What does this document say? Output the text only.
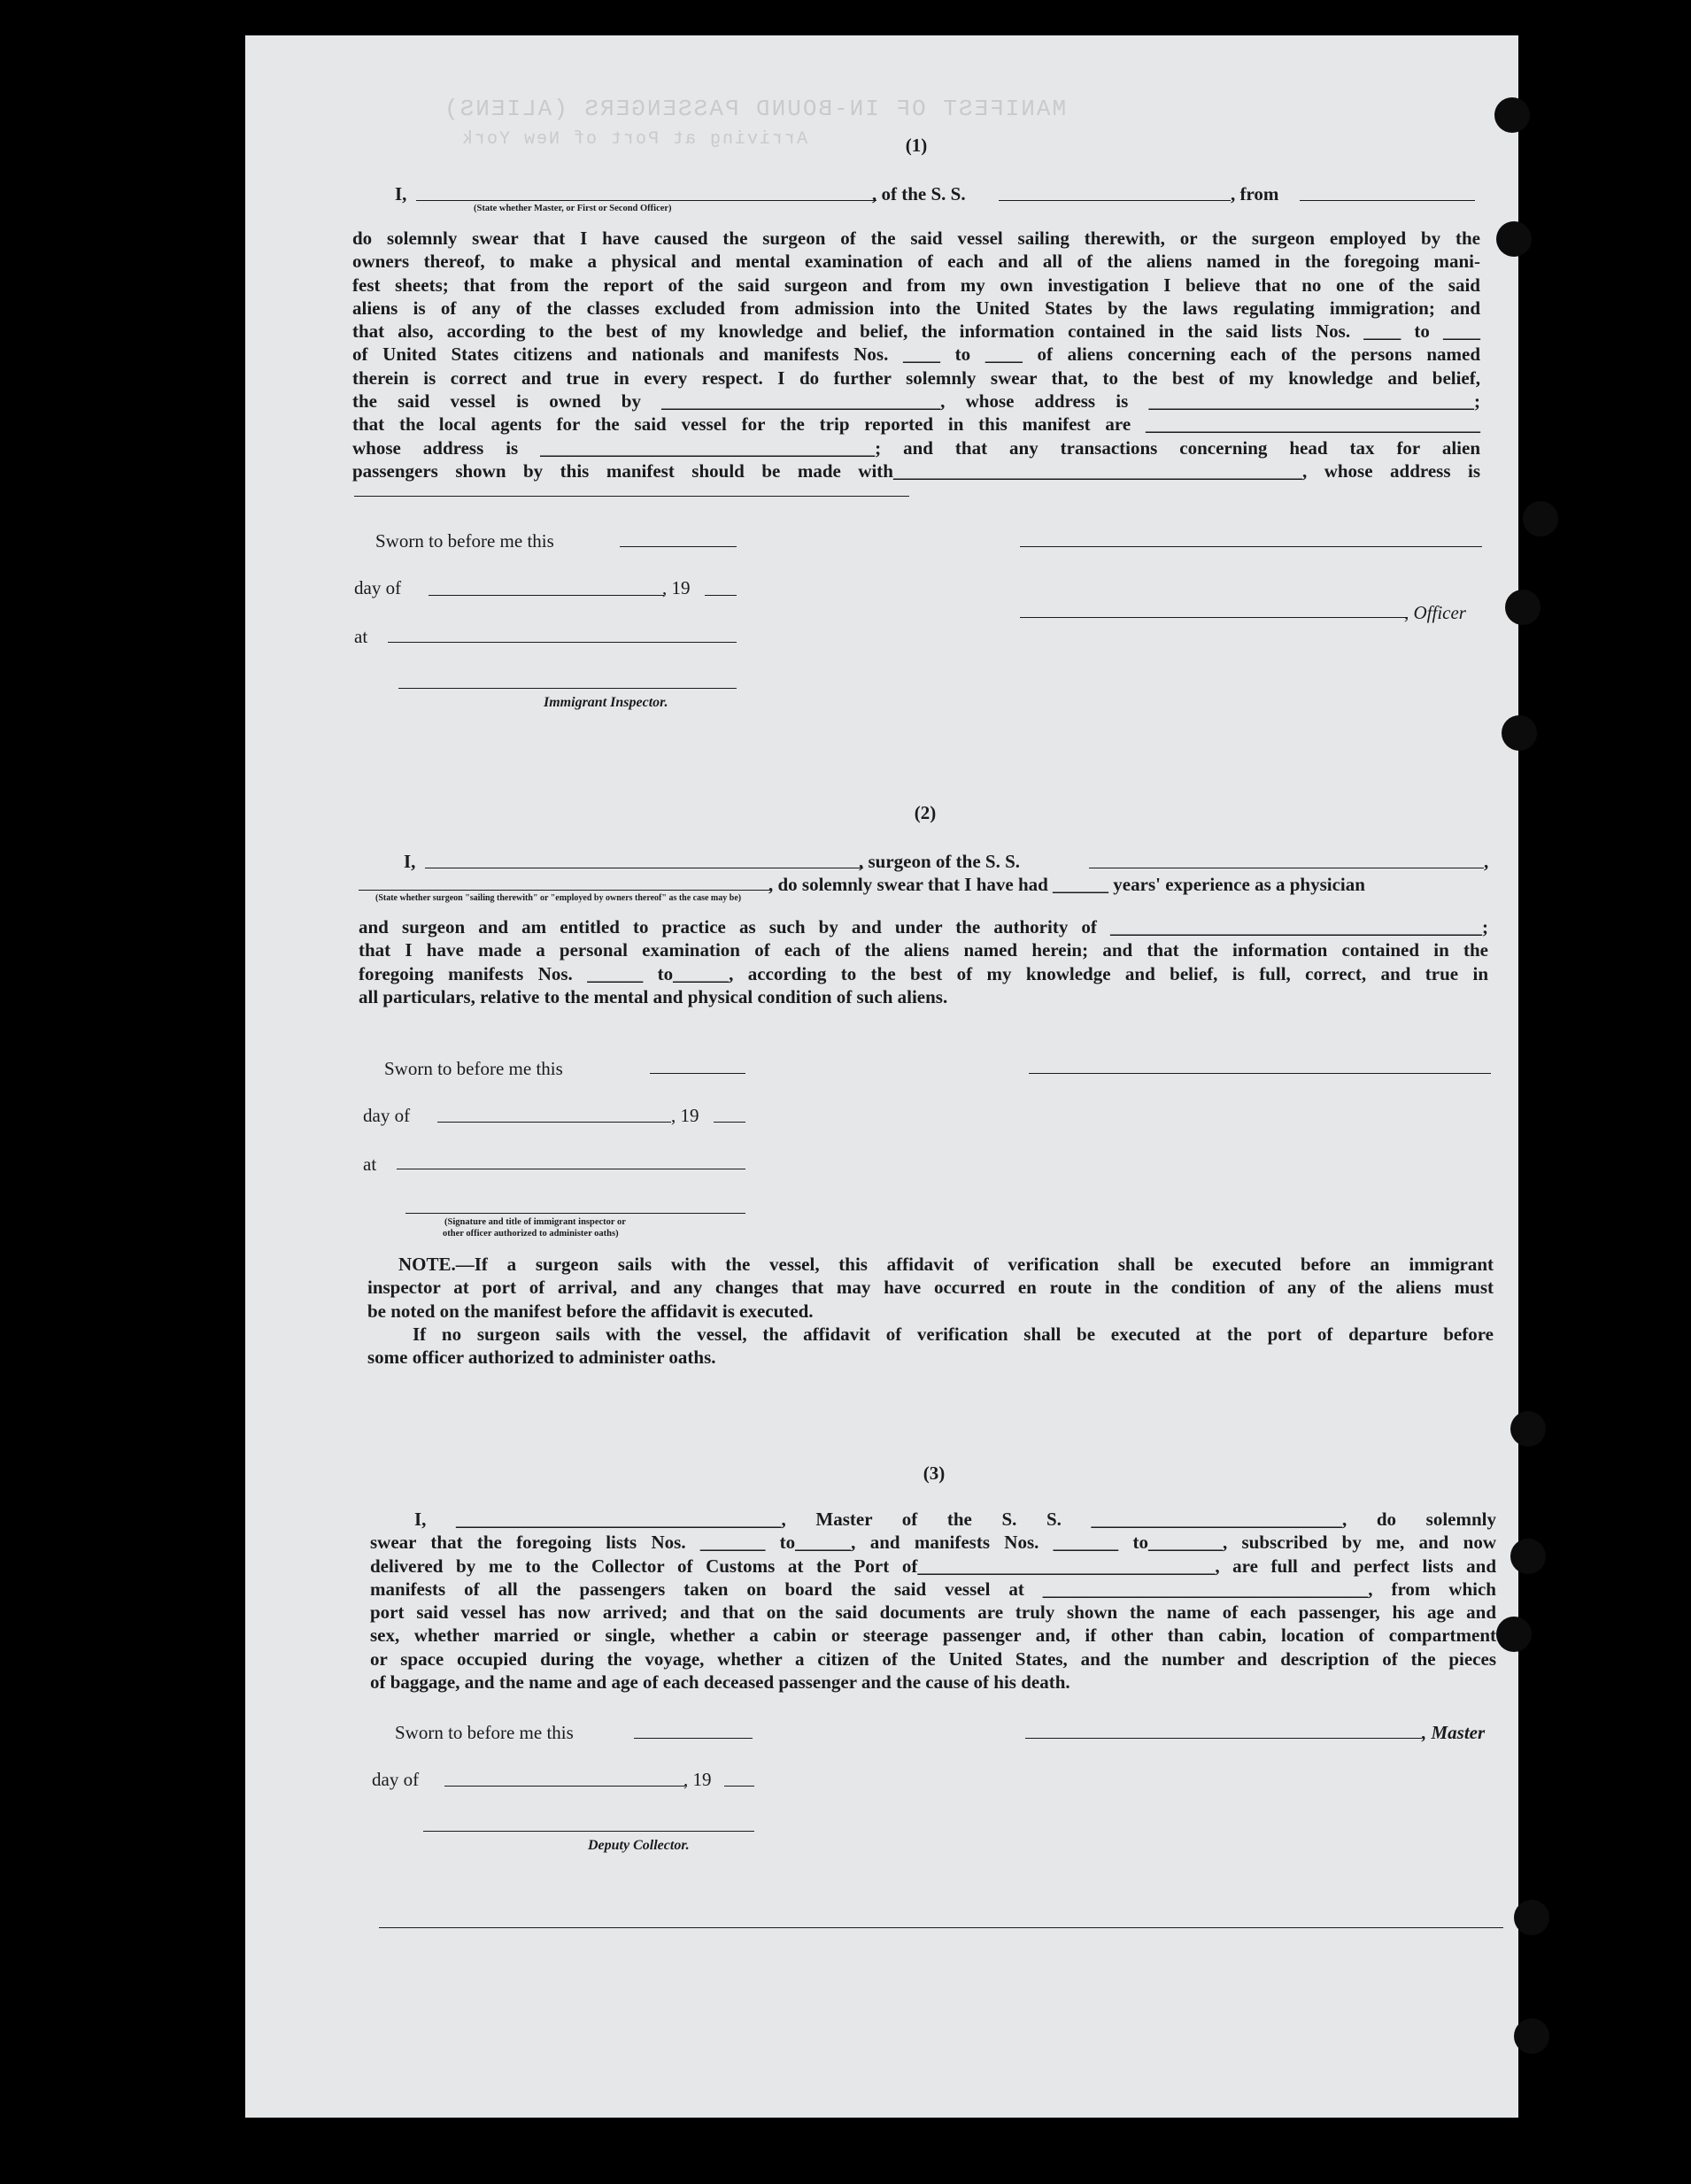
MANIFEST OF IN-BOUND PASSENGERS (ALIENS)
Arriving at Port of New York	(1)
I,	, of the S. S.	, from
(State whether Master, or First or Second Officer)
do solemnly swear that I have caused the surgeon of the said vessel sailing therewith, or the surgeon employed by the
owners thereof, to make a physical and mental examination of each and all of the aliens named in the foregoing mani-
fest sheets; that from the report of the said surgeon and from my own investigation I believe that no one of the said
aliens is of any of the classes excluded from admission into the United States by the laws regulating immigration; and
that also, according to the best of my knowledge and belief, the information contained in the said lists Nos. ____ to ____
of United States citizens and nationals and manifests Nos. ____ to ____ of aliens concerning each of the persons named
therein is correct and true in every respect. I do further solemnly swear that, to the best of my knowledge and belief,
the said vessel is owned by ______________________________, whose address is ___________________________________;
that the local agents for the said vessel for the trip reported in this manifest are ____________________________________
whose address is ____________________________________; and that any transactions concerning head tax for alien
passengers shown by this manifest should be made with____________________________________________, whose address is
Sworn to before me this
day of	, 19
, Officer
at
Immigrant Inspector.
(2)
I,	, surgeon of the S. S.	,
, do solemnly swear that I have had ______ years' experience as a physician
(State whether surgeon "sailing therewith" or "employed by owners thereof" as the case may be)
and surgeon and am entitled to practice as such by and under the authority of ________________________________________;
that I have made a personal examination of each of the aliens named herein; and that the information contained in the
foregoing manifests Nos. ______ to______, according to the best of my knowledge and belief, is full, correct, and true in
all particulars, relative to the mental and physical condition of such aliens.
Sworn to before me this
day of	, 19
at
(Signature and title of immigrant inspector or
other officer authorized to administer oaths)
NOTE.—If a surgeon sails with the vessel, this affidavit of verification shall be executed before an immigrant
inspector at port of arrival, and any changes that may have occurred en route in the condition of any of the aliens must
be noted on the manifest before the affidavit is executed.
If no surgeon sails with the vessel, the affidavit of verification shall be executed at the port of departure before
some officer authorized to administer oaths.
(3)
I, ___________________________________, Master of the S. S. ___________________________, do solemnly
swear that the foregoing lists Nos. _______ to______, and manifests Nos. _______ to________, subscribed by me, and now
delivered by me to the Collector of Customs at the Port of________________________________, are full and perfect lists and
manifests of all the passengers taken on board the said vessel at ___________________________________, from which
port said vessel has now arrived; and that on the said documents are truly shown the name of each passenger, his age and
sex, whether married or single, whether a cabin or steerage passenger and, if other than cabin, location of compartment
or space occupied during the voyage, whether a citizen of the United States, and the number and description of the pieces
of baggage, and the name and age of each deceased passenger and the cause of his death.
Sworn to before me this	, Master
day of	, 19
Deputy Collector.
